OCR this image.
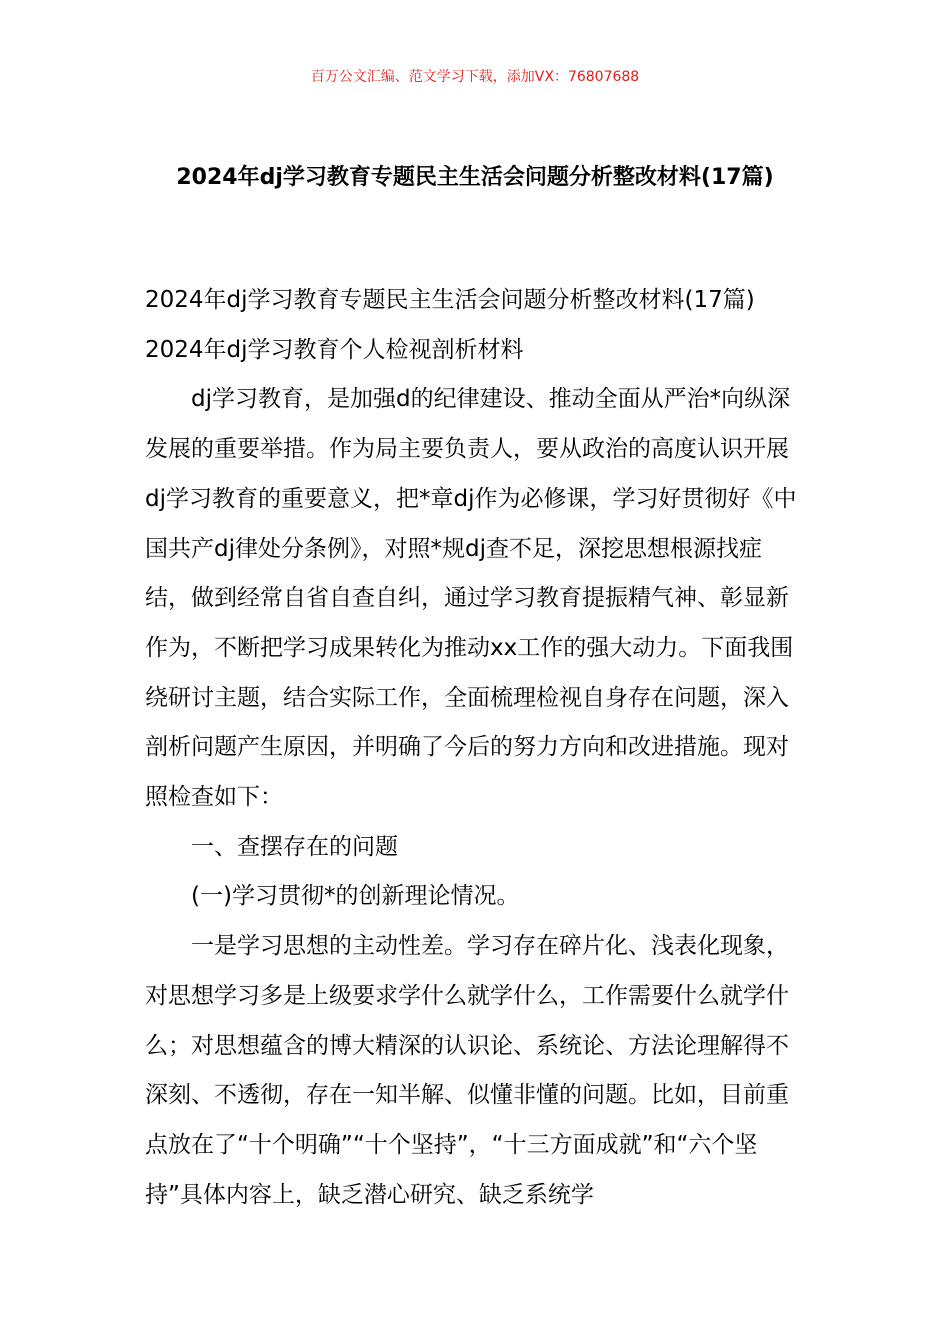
百万公文汇编、范文学习下载，添加VX：76807688
2024年dj学习教育专题民主生活会问题分析整改材料(17篇)

2024年dj学习教育专题民主生活会问题分析整改材料(17篇)

2024年dj学习教育个人检视剖析材料

dj学习教育，是加强d的纪律建设、推动全面从严治*向纵深发展的重要举措。作为局主要负责人，要从政治的高度认识开展dj学习教育的重要意义，把*章dj作为必修课，学习好贯彻好《中国共产dj律处分条例》，对照*规dj查不足，深挖思想根源找症结，做到经常自省自查自纠，通过学习教育提振精气神、彰显新作为，不断把学习成果转化为推动xx工作的强大动力。下面我围绕研讨主题，结合实际工作，全面梳理检视自身存在问题，深入剖析问题产生原因，并明确了今后的努力方向和改进措施。现对照检查如下：

一、查摆存在的问题

(一)学习贯彻*的创新理论情况。

一是学习思想的主动性差。学习存在碎片化、浅表化现象，对思想学习多是上级要求学什么就学什么，工作需要什么就学什么；对思想蕴含的博大精深的认识论、系统论、方法论理解得不深刻、不透彻，存在一知半解、似懂非懂的问题。比如，目前重点放在了“十个明确”“十个坚持”，“十三方面成就”和“六个坚持”具体内容上，缺乏潜心研究、缺乏系统学
